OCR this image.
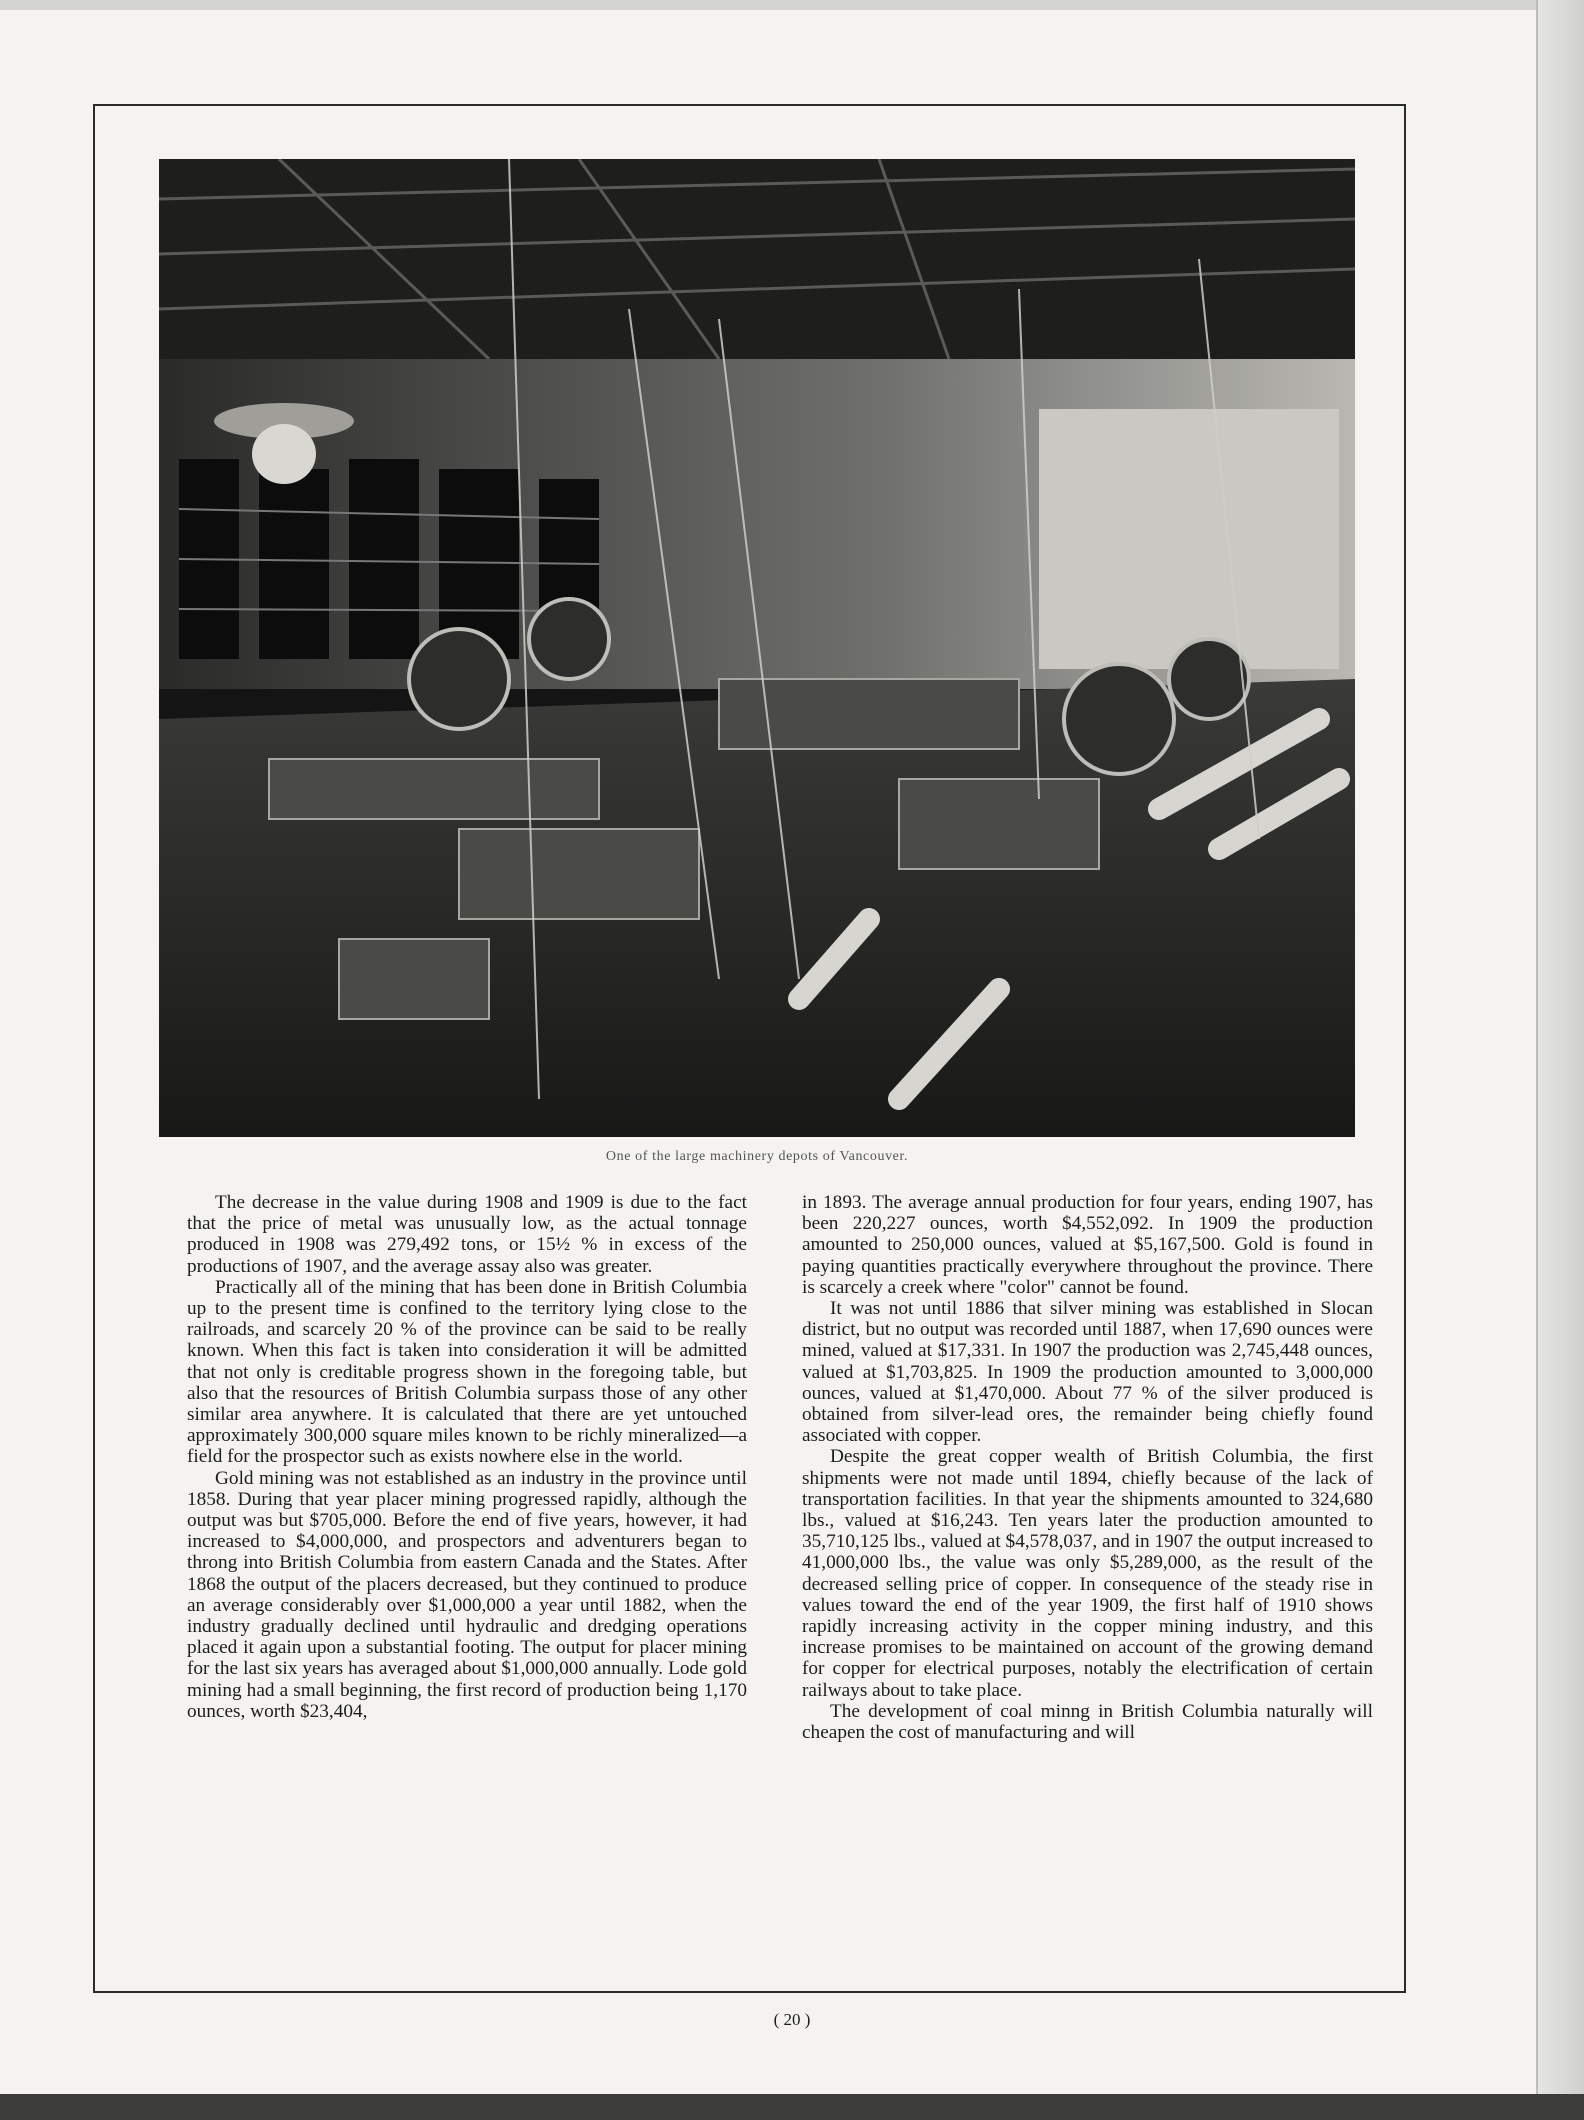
One of the large machinery depots of Vancouver.

The decrease in the value during 1908 and 1909 is due to the fact that the price of metal was unusually low, as the actual tonnage produced in 1908 was 279,492 tons, or 15½ % in excess of the productions of 1907, and the average assay also was greater.

Practically all of the mining that has been done in British Columbia up to the present time is confined to the territory lying close to the railroads, and scarcely 20 % of the province can be said to be really known. When this fact is taken into consideration it will be admitted that not only is creditable progress shown in the foregoing table, but also that the resources of British Columbia surpass those of any other similar area anywhere. It is calculated that there are yet untouched approximately 300,000 square miles known to be richly mineralized—a field for the prospector such as exists nowhere else in the world.

Gold mining was not established as an industry in the province until 1858. During that year placer mining progressed rapidly, although the output was but $705,000. Before the end of five years, however, it had increased to $4,000,000, and prospectors and adventurers began to throng into British Columbia from eastern Canada and the States. After 1868 the output of the placers decreased, but they continued to produce an average considerably over $1,000,000 a year until 1882, when the industry gradually declined until hydraulic and dredging operations placed it again upon a substantial footing. The output for placer mining for the last six years has averaged about $1,000,000 annually. Lode gold mining had a small beginning, the first record of production being 1,170 ounces, worth $23,404,

in 1893. The average annual production for four years, ending 1907, has been 220,227 ounces, worth $4,552,092. In 1909 the production amounted to 250,000 ounces, valued at $5,167,500. Gold is found in paying quantities practically everywhere throughout the province. There is scarcely a creek where "color" cannot be found.

It was not until 1886 that silver mining was established in Slocan district, but no output was recorded until 1887, when 17,690 ounces were mined, valued at $17,331. In 1907 the production was 2,745,448 ounces, valued at $1,703,825. In 1909 the production amounted to 3,000,000 ounces, valued at $1,470,000. About 77 % of the silver produced is obtained from silver-lead ores, the remainder being chiefly found associated with copper.

Despite the great copper wealth of British Columbia, the first shipments were not made until 1894, chiefly because of the lack of transportation facilities. In that year the shipments amounted to 324,680 lbs., valued at $16,243. Ten years later the production amounted to 35,710,125 lbs., valued at $4,578,037, and in 1907 the output increased to 41,000,000 lbs., the value was only $5,289,000, as the result of the decreased selling price of copper. In consequence of the steady rise in values toward the end of the year 1909, the first half of 1910 shows rapidly increasing activity in the copper mining industry, and this increase promises to be maintained on account of the growing demand for copper for electrical purposes, notably the electrification of certain railways about to take place.

The development of coal minng in British Columbia naturally will cheapen the cost of manufacturing and will

( 20 )
